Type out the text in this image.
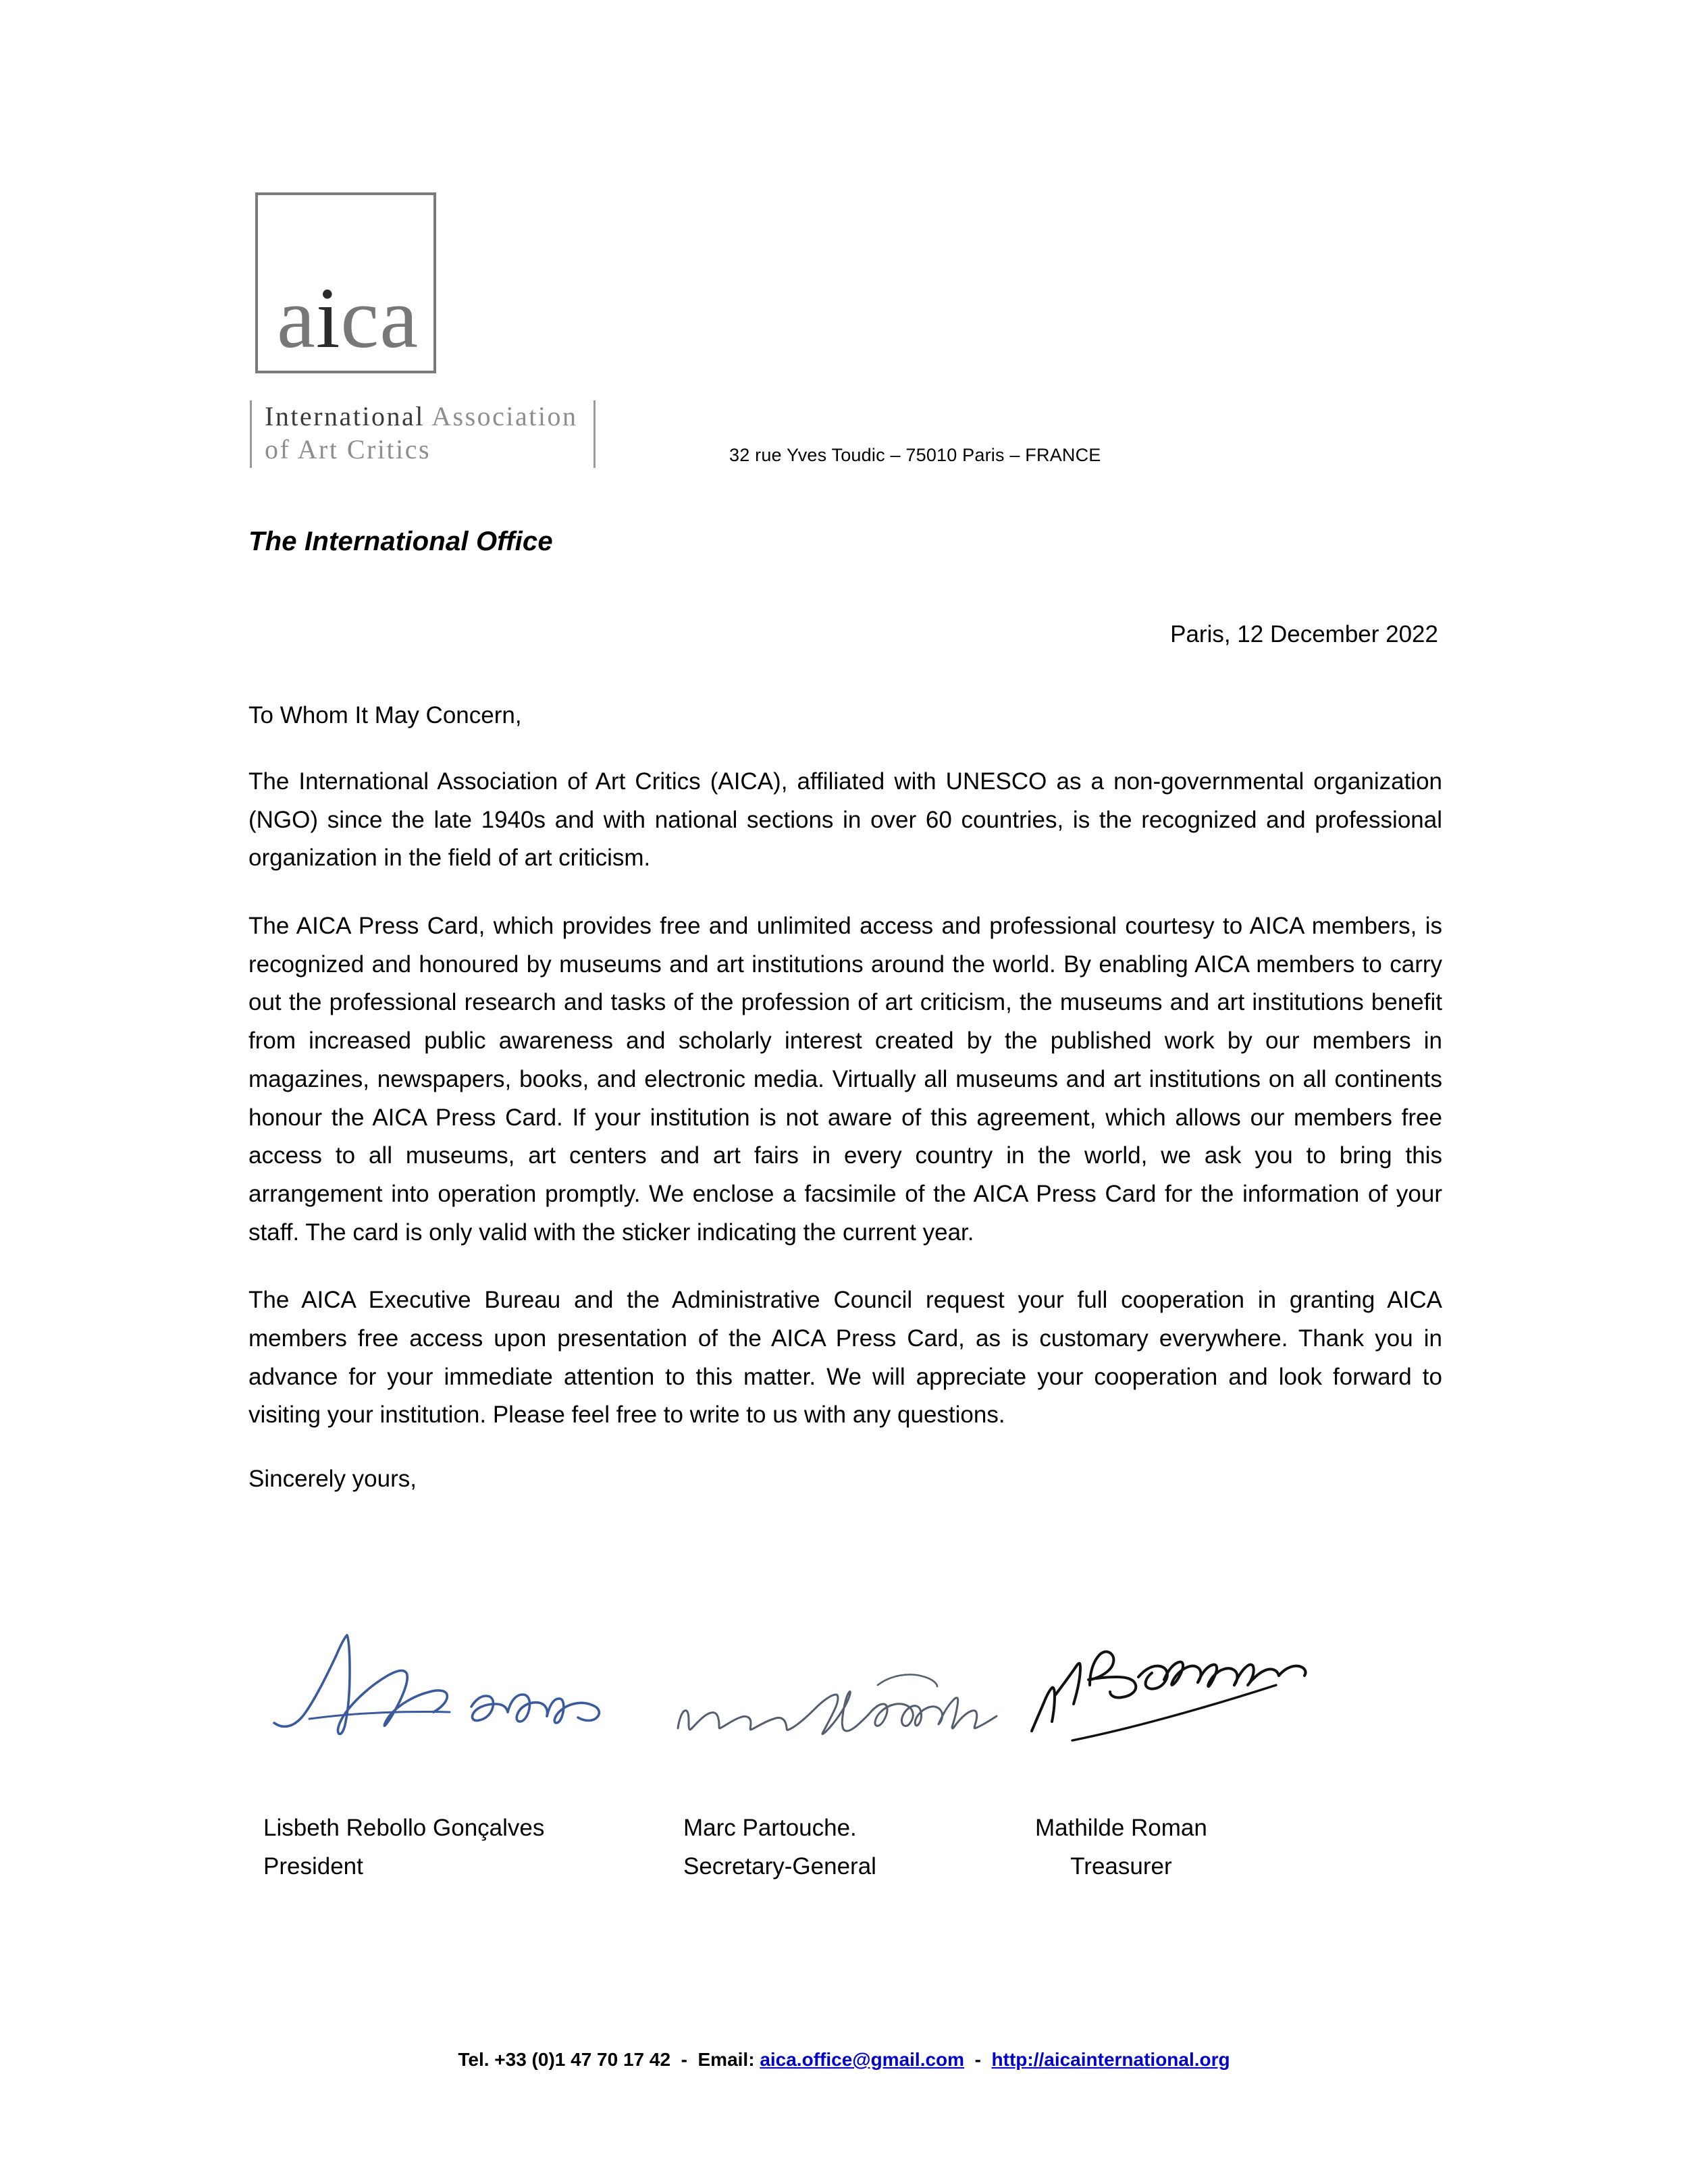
aica
International Association
of Art Critics	32 rue Yves Toudic – 75010 Paris – FRANCE
The International Office
Paris, 12 December 2022

To Whom It May Concern,

The International Association of Art Critics (AICA), affiliated with UNESCO as a non-governmental organization (NGO) since the late 1940s and with national sections in over 60 countries, is the recognized and professional organization in the field of art criticism.

The AICA Press Card, which provides free and unlimited access and professional courtesy to AICA members, is recognized and honoured by museums and art institutions around the world. By enabling AICA members to carry out the professional research and tasks of the profession of art criticism, the museums and art institutions benefit from increased public awareness and scholarly interest created by the published work by our members in magazines, newspapers, books, and electronic media. Virtually all museums and art institutions on all continents honour the AICA Press Card. If your institution is not aware of this agreement, which allows our members free access to all museums, art centers and art fairs in every country in the world, we ask you to bring this arrangement into operation promptly. We enclose a facsimile of the AICA Press Card for the information of your staff. The card is only valid with the sticker indicating the current year.

The AICA Executive Bureau and the Administrative Council request your full cooperation in granting AICA members free access upon presentation of the AICA Press Card, as is customary everywhere. Thank you in advance for your immediate attention to this matter. We will appreciate your cooperation and look forward to visiting your institution. Please feel free to write to us with any questions.

Sincerely yours,

Lisbeth Rebollo Gonçalves
President
Marc Partouche.
Secretary-General
Mathilde Roman
Treasurer
Tel. +33 (0)1 47 70 17 42 - Email: aica.office@gmail.com - http://aicainternational.org
